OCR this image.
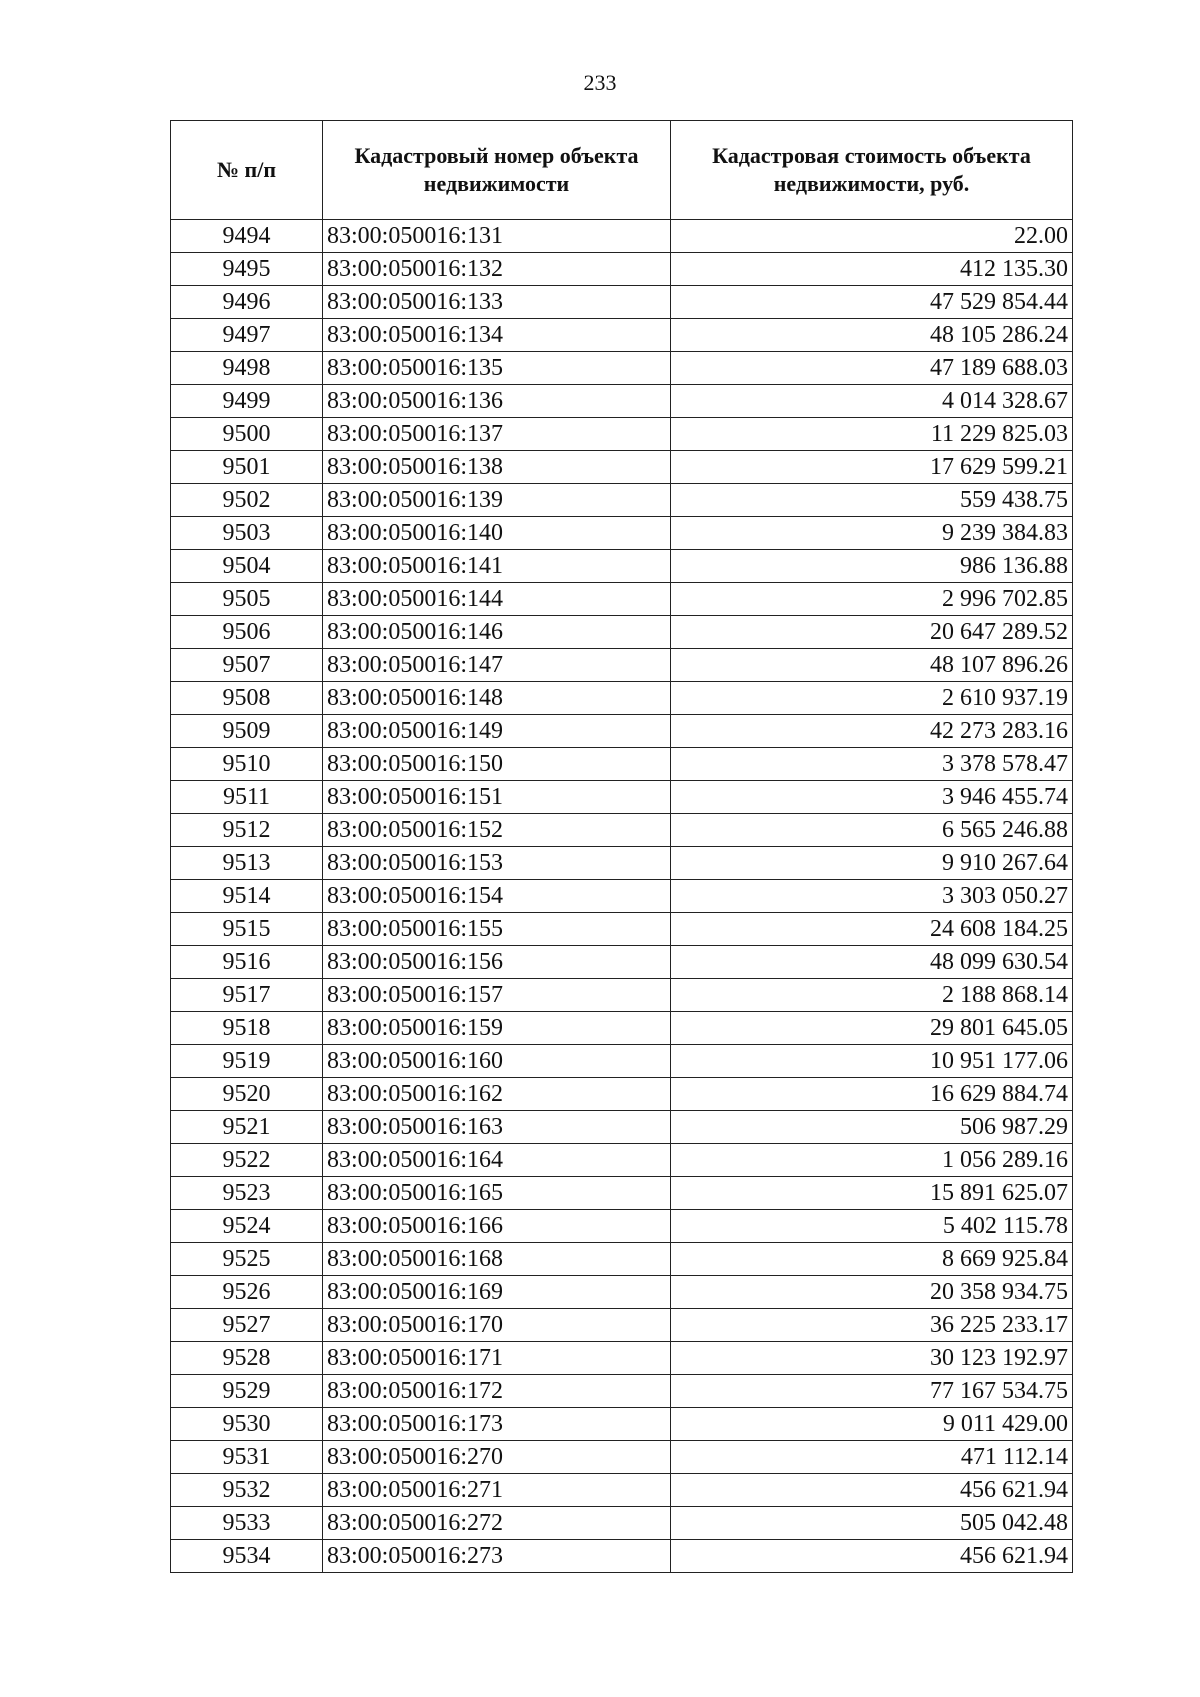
233
№ п/п	Кадастровый номер объекта недвижимости	Кадастровая стоимость объекта недвижимости, руб.
9494	83:00:050016:131	22.00
9495	83:00:050016:132	412 135.30
9496	83:00:050016:133	47 529 854.44
9497	83:00:050016:134	48 105 286.24
9498	83:00:050016:135	47 189 688.03
9499	83:00:050016:136	4 014 328.67
9500	83:00:050016:137	11 229 825.03
9501	83:00:050016:138	17 629 599.21
9502	83:00:050016:139	559 438.75
9503	83:00:050016:140	9 239 384.83
9504	83:00:050016:141	986 136.88
9505	83:00:050016:144	2 996 702.85
9506	83:00:050016:146	20 647 289.52
9507	83:00:050016:147	48 107 896.26
9508	83:00:050016:148	2 610 937.19
9509	83:00:050016:149	42 273 283.16
9510	83:00:050016:150	3 378 578.47
9511	83:00:050016:151	3 946 455.74
9512	83:00:050016:152	6 565 246.88
9513	83:00:050016:153	9 910 267.64
9514	83:00:050016:154	3 303 050.27
9515	83:00:050016:155	24 608 184.25
9516	83:00:050016:156	48 099 630.54
9517	83:00:050016:157	2 188 868.14
9518	83:00:050016:159	29 801 645.05
9519	83:00:050016:160	10 951 177.06
9520	83:00:050016:162	16 629 884.74
9521	83:00:050016:163	506 987.29
9522	83:00:050016:164	1 056 289.16
9523	83:00:050016:165	15 891 625.07
9524	83:00:050016:166	5 402 115.78
9525	83:00:050016:168	8 669 925.84
9526	83:00:050016:169	20 358 934.75
9527	83:00:050016:170	36 225 233.17
9528	83:00:050016:171	30 123 192.97
9529	83:00:050016:172	77 167 534.75
9530	83:00:050016:173	9 011 429.00
9531	83:00:050016:270	471 112.14
9532	83:00:050016:271	456 621.94
9533	83:00:050016:272	505 042.48
9534	83:00:050016:273	456 621.94
